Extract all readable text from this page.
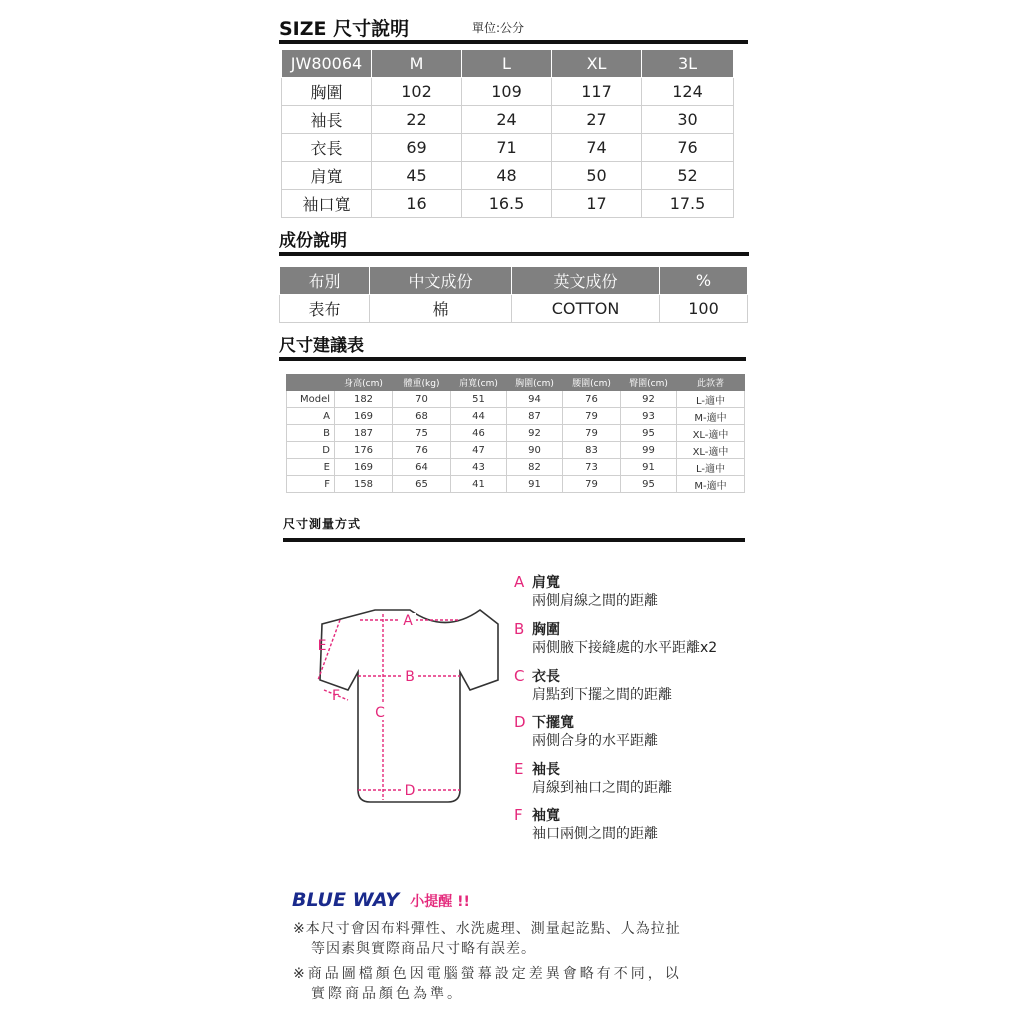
SIZE 尺寸說明	單位:公分
JW80064	M	L	XL	3L
胸圍	102	109	117	124
袖長	22	24	27	30
衣長	69	71	74	76
肩寬	45	48	50	52
袖口寬	16	16.5	17	17.5
成份說明
布別	中文成份	英文成份	%
表布	棉	COTTON	100
尺寸建議表
	身高(cm)	體重(kg)	肩寬(cm)	胸圍(cm)	腰圍(cm)	臀圍(cm)	此款著
Model	182	70	51	94	76	92	L-適中
A	169	68	44	87	79	93	M-適中
B	187	75	46	92	79	95	XL-適中
D	176	76	47	90	83	99	XL-適中
E	169	64	43	82	73	91	L-適中
F	158	65	41	91	79	95	M-適中
尺寸測量方式
A
B
C
D
E
F
A 肩寬
兩側肩線之間的距離
B 胸圍
兩側腋下接縫處的水平距離x2
C 衣長
肩點到下擺之間的距離
D 下擺寬
兩側合身的水平距離
E 袖長
肩線到袖口之間的距離
F 袖寬
袖口兩側之間的距離
BLUE WAY 小提醒 !!
※本尺寸會因布料彈性、水洗處理、測量起訖點、人為拉扯
等因素與實際商品尺寸略有誤差。
※商品圖檔顏色因電腦螢幕設定差異會略有不同，以
實際商品顏色為準。
